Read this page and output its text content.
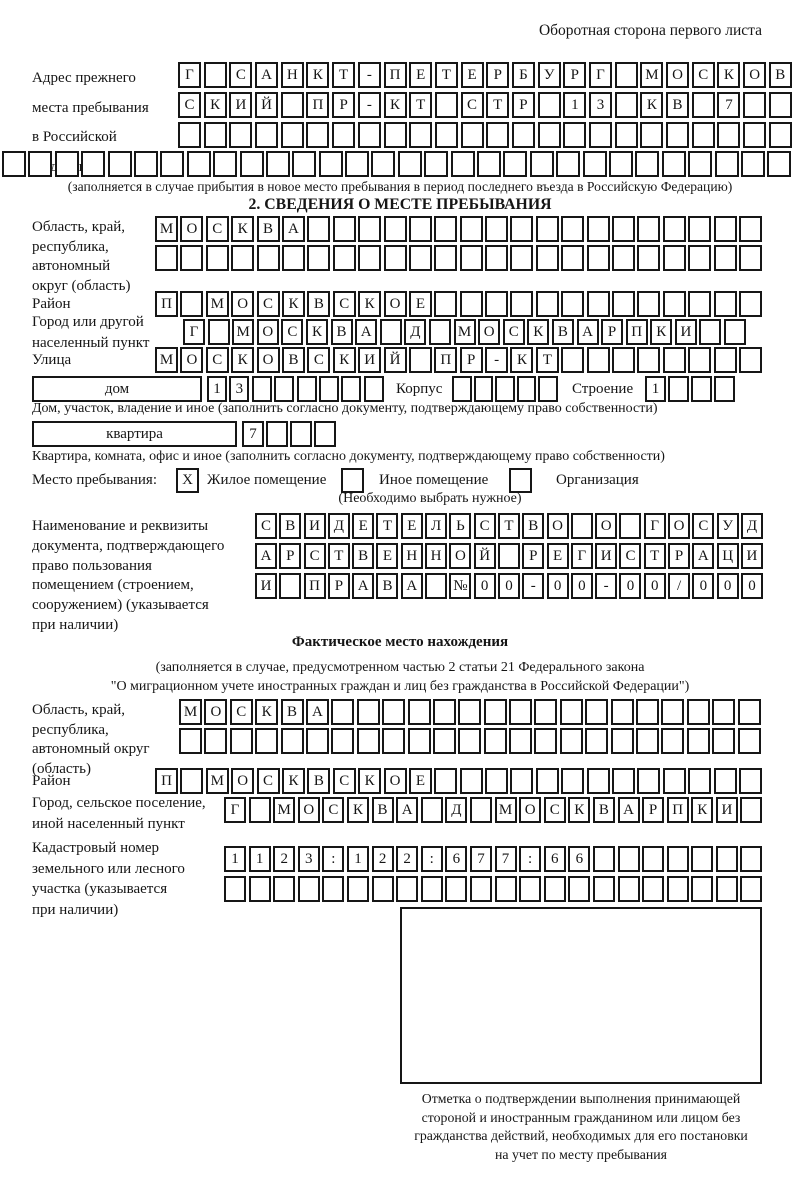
Оборотная сторона первого листа
Адрес прежнего
места пребывания
в Российской
Г	С	А Н	К	Т	-	П	Е	Т	Е	Р	Б	У	Р	Г	М О	С	К	О	В
С	К	И Й	П	Р	-	К	Т	С	Т	Р	1	3	К	В	7
(заполняется в случае прибытия в новое место пребывания в период последнего въезда в Российскую Федерацию)
2. СВЕДЕНИЯ О МЕСТЕ ПРЕБЫВАНИЯ
Область, край,
республика,
автономный
округ (область)
М О С	К	В А
Район	П	М О С	К	В	С	К О	Е
Город или другой
населенный пункт
Г	М О С К В А	Д	М О С К В А	Р	П К И
Улица	М О С	К О В	С	К И Й	П	Р	-	К	Т
дом	1 3	Корпус	Строение	1
Дом, участок, владение и иное (заполнить согласно документу, подтверждающему право собственности)
квартира	7
Квартира, комната, офис и иное (заполнить согласно документу, подтверждающему право собственности)
Место пребывания:	X Жилое помещение	Иное помещение	Организация
(Необходимо выбрать нужное)
Наименование и реквизиты
документа, подтверждающего
право пользования
помещением (строением,
сооружением) (указывается
при наличии)
С В И Д Е	Т	Е Л Ь С Т В О	О	Г О С У Д
А Р	С Т В Е Н Н О Й	Р	Е	Г И С Т	Р А Ц И
И	П Р А В А	№ 0	0	-	0	0	-	0	0	/	0	0	0
Фактическое место нахождения
(заполняется в случае, предусмотренном частью 2 статьи 21 Федерального закона
"О миграционном учете иностранных граждан и лиц без гражданства в Российской Федерации")
Область, край,
республика,
автономный округ
(область)
М О С	К	В А
Район	П	М О С	К	В	С	К О	Е
Город, сельское поселение,
иной населенный пункт
Г	М О С К В А	Д	М О С К В А	Р	П К И
Кадастровый номер
земельного или лесного
участка (указывается
при наличии)
1	1	2	3	:	1	2	2	:	6	7	7	:	6	6
Отметка о подтверждении выполнения принимающей
стороной и иностранным гражданином или лицом без
гражданства действий, необходимых для его постановки
на учет по месту пребывания
